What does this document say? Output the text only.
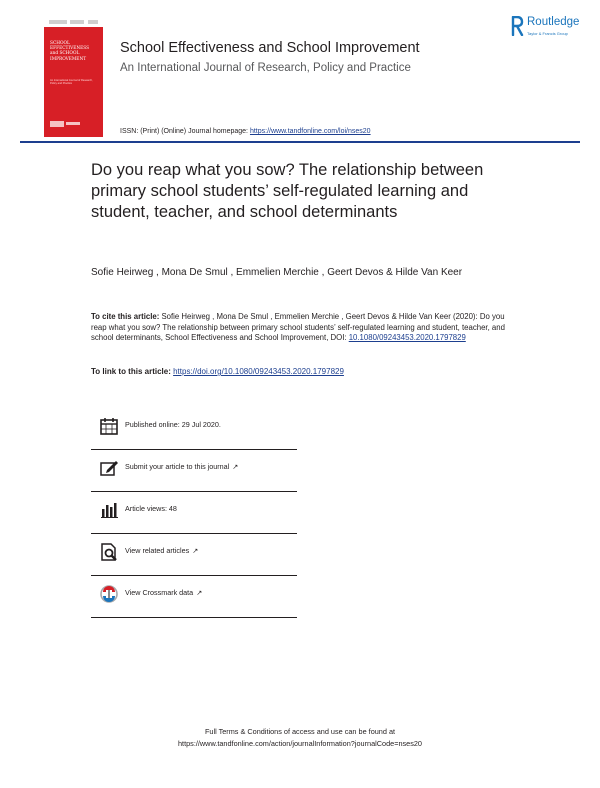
SCHOOL
EFFECTIVENESS
and SCHOOL
IMPROVEMENT
An International Journal of Research, Policy and Practice
Routledge
Taylor & Francis Group
School Effectiveness and School Improvement
An International Journal of Research, Policy and Practice
ISSN: (Print) (Online) Journal homepage: https://www.tandfonline.com/loi/nses20
Do you reap what you sow? The relationship between primary school students’ self-regulated learning and student, teacher, and school determinants
Sofie Heirweg , Mona De Smul , Emmelien Merchie , Geert Devos & Hilde Van Keer
To cite this article: Sofie Heirweg , Mona De Smul , Emmelien Merchie , Geert Devos & Hilde Van Keer (2020): Do you reap what you sow? The relationship between primary school students’ self-regulated learning and student, teacher, and school determinants, School Effectiveness and School Improvement, DOI: 10.1080/09243453.2020.1797829
To link to this article: https://doi.org/10.1080/09243453.2020.1797829
Published online: 29 Jul 2020.
Submit your article to this journal ↗
Article views: 48
View related articles ↗
View Crossmark data ↗
Full Terms & Conditions of access and use can be found at
https://www.tandfonline.com/action/journalInformation?journalCode=nses20
